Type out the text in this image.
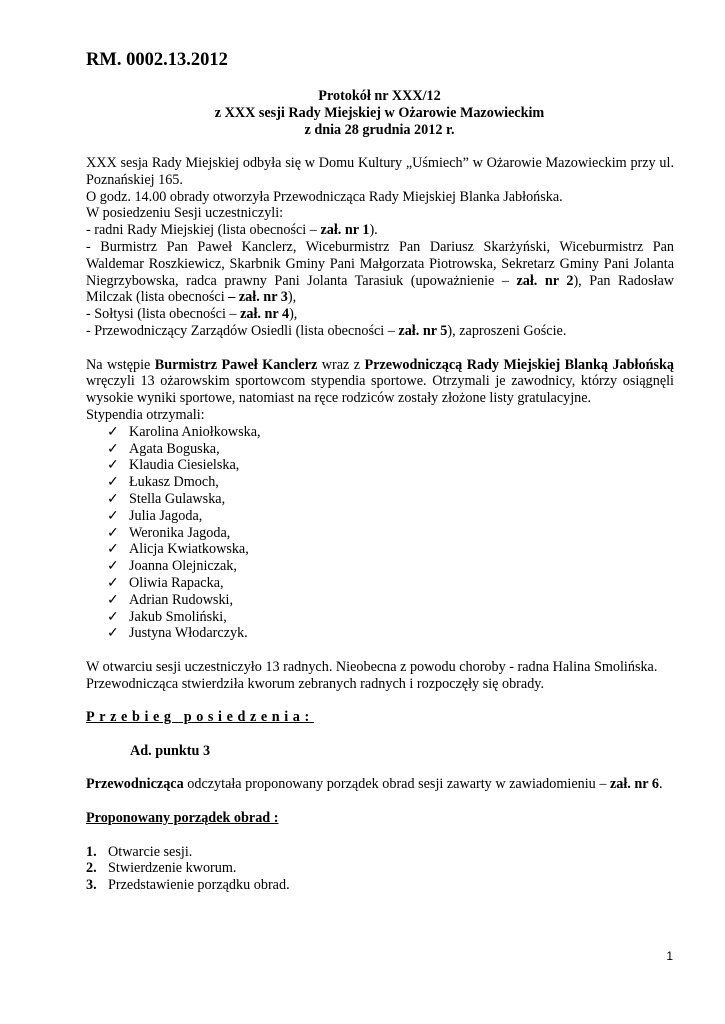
RM. 0002.13.2012
Protokół nr XXX/12
z XXX sesji Rady Miejskiej w Ożarowie Mazowieckim
z dnia 28 grudnia 2012 r.

XXX sesja Rady Miejskiej odbyła się w Domu Kultury „Uśmiech” w Ożarowie Mazowieckim przy ul. Poznańskiej 165.

O godz. 14.00 obrady otworzyła Przewodnicząca Rady Miejskiej Blanka Jabłońska.

W posiedzeniu Sesji uczestniczyli:

- radni Rady Miejskiej (lista obecności – zał. nr 1).

- Burmistrz Pan Paweł Kanclerz, Wiceburmistrz Pan Dariusz Skarżyński, Wiceburmistrz Pan Waldemar Roszkiewicz, Skarbnik Gminy Pani Małgorzata Piotrowska, Sekretarz Gminy Pani Jolanta Niegrzybowska, radca prawny Pani Jolanta Tarasiuk (upoważnienie – zał. nr 2), Pan Radosław Milczak (lista obecności – zał. nr 3),

- Sołtysi (lista obecności – zał. nr 4),

- Przewodniczący Zarządów Osiedli (lista obecności – zał. nr 5), zaproszeni Goście.

Na wstępie Burmistrz Paweł Kanclerz wraz z Przewodniczącą Rady Miejskiej Blanką Jabłońską wręczyli 13 ożarowskim sportowcom stypendia sportowe. Otrzymali je zawodnicy, którzy osiągnęli wysokie wyniki sportowe, natomiast na ręce rodziców zostały złożone listy gratulacyjne.

Stypendia otrzymali:

✓ Karolina Aniołkowska,
✓ Agata Boguska,
✓ Klaudia Ciesielska,
✓ Łukasz Dmoch,
✓ Stella Gulawska,
✓ Julia Jagoda,
✓ Weronika Jagoda,
✓ Alicja Kwiatkowska,
✓ Joanna Olejniczak,
✓ Oliwia Rapacka,
✓ Adrian Rudowski,
✓ Jakub Smoliński,
✓ Justyna Włodarczyk.

W otwarciu sesji uczestniczyło 13 radnych. Nieobecna z powodu choroby - radna Halina Smolińska.

Przewodnicząca stwierdziła kworum zebranych radnych i rozpoczęły się obrady.

Przebieg posiedzenia:

Ad. punktu 3

Przewodnicząca odczytała proponowany porządek obrad sesji zawarty w zawiadomieniu – zał. nr 6.

Proponowany porządek obrad :

1. Otwarcie sesji.
2. Stwierdzenie kworum.
3. Przedstawienie porządku obrad.
1
